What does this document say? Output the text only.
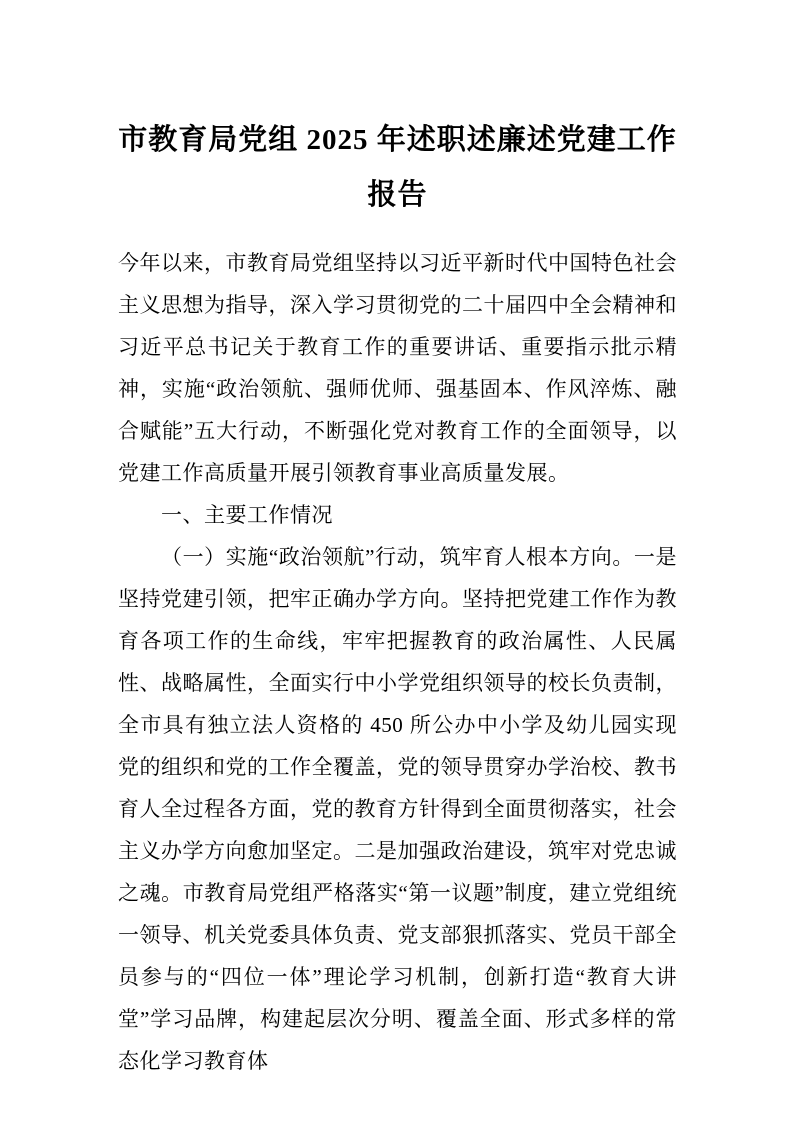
市教育局党组 2025 年述职述廉述党建工作
报告

今年以来，市教育局党组坚持以习近平新时代中国特色社会主义思想为指导，深入学习贯彻党的二十届四中全会精神和习近平总书记关于教育工作的重要讲话、重要指示批示精神，实施“政治领航、强师优师、强基固本、作风淬炼、融合赋能”五大行动，不断强化党对教育工作的全面领导，以党建工作高质量开展引领教育事业高质量发展。

一、主要工作情况

（一）实施“政治领航”行动，筑牢育人根本方向。一是坚持党建引领，把牢正确办学方向。坚持把党建工作作为教育各项工作的生命线，牢牢把握教育的政治属性、人民属性、战略属性，全面实行中小学党组织领导的校长负责制，全市具有独立法人资格的 450 所公办中小学及幼儿园实现党的组织和党的工作全覆盖，党的领导贯穿办学治校、教书育人全过程各方面，党的教育方针得到全面贯彻落实，社会主义办学方向愈加坚定。二是加强政治建设，筑牢对党忠诚之魂。市教育局党组严格落实“第一议题”制度，建立党组统一领导、机关党委具体负责、党支部狠抓落实、党员干部全员参与的“四位一体”理论学习机制，创新打造“教育大讲堂”学习品牌，构建起层次分明、覆盖全面、形式多样的常态化学习教育体
